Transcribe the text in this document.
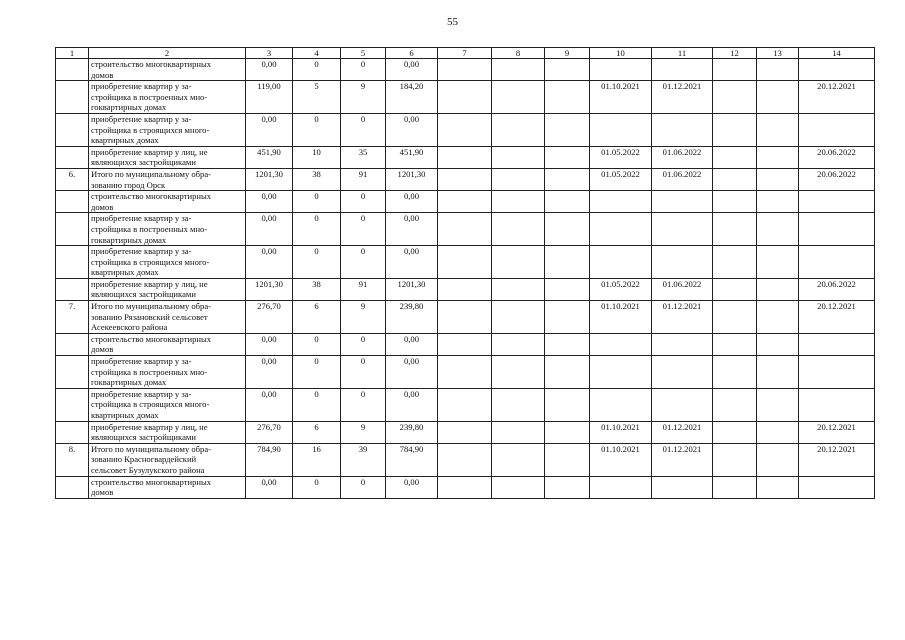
55
1	2	3	4	5	6	7	8	9	10	11	12	13	14
	строительство многоквартирных
домов	0,00	0	0	0,00								
	приобретение квартир у за-
стройщика в построенных мно-
гоквартирных домах	119,00	5	9	184,20				01.10.2021	01.12.2021			20.12.2021
	приобретение квартир у за-
стройщика в строящихся много-
квартирных домах	0,00	0	0	0,00								
	приобретение квартир у лиц, не
являющихся застройщиками	451,90	10	35	451,90				01.05.2022	01.06.2022			20.06.2022
6.	Итого по муниципальному обра-
зованию город Орск	1201,30	38	91	1201,30				01.05.2022	01.06.2022			20.06.2022
	строительство многоквартирных
домов	0,00	0	0	0,00								
	приобретение квартир у за-
стройщика в построенных мно-
гоквартирных домах	0,00	0	0	0,00								
	приобретение квартир у за-
стройщика в строящихся много-
квартирных домах	0,00	0	0	0,00								
	приобретение квартир у лиц, не
являющихся застройщиками	1201,30	38	91	1201,30				01.05.2022	01.06.2022			20.06.2022
7.	Итого по муниципальному обра-
зованию Рязановский сельсовет
Асекеевского района	276,70	6	9	239,80				01.10.2021	01.12.2021			20.12.2021
	строительство многоквартирных
домов	0,00	0	0	0,00								
	приобретение квартир у за-
стройщика в построенных мно-
гоквартирных домах	0,00	0	0	0,00								
	приобретение квартир у за-
стройщика в строящихся много-
квартирных домах	0,00	0	0	0,00								
	приобретение квартир у лиц, не
являющихся застройщиками	276,70	6	9	239,80				01.10.2021	01.12.2021			20.12.2021
8.	Итого по муниципальному обра-
зованию Красногвардейский
сельсовет Бузулукского района	784,90	16	39	784,90				01.10.2021	01.12.2021			20.12.2021
	строительство многоквартирных
домов	0,00	0	0	0,00								
